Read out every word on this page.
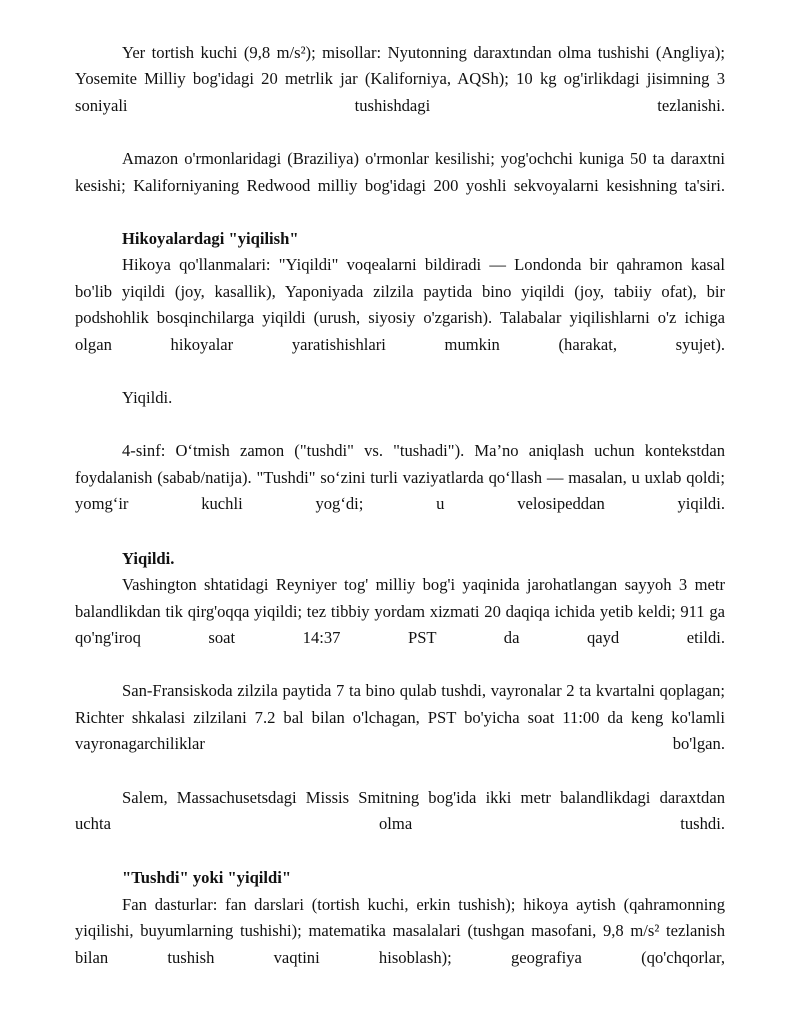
Yer tortish kuchi (9,8 m/s²); misollar: Nyutonning daraxtından olma tushishi (Angliya); Yosemite Milliy bog'idagi 20 metrlik jar (Kaliforniya, AQSh); 10 kg og'irlikdagi jisimning 3 soniyali tushishdagi tezlanishi.

Amazon o'rmonlaridagi (Braziliya) o'rmonlar kesilishi; yog'ochchi kuniga 50 ta daraxtni kesishi; Kaliforniyaning Redwood milliy bog'idagi 200 yoshli sekvoyalarni kesishning ta'siri.

Hikoyalardagi "yiqilish"

Hikoya qo'llanmalari: "Yiqildi" voqealarni bildiradi — Londonda bir qahramon kasal bo'lib yiqildi (joy, kasallik), Yaponiyada zilzila paytida bino yiqildi (joy, tabiiy ofat), bir podshohlik bosqinchilarga yiqildi (urush, siyosiy o'zgarish). Talabalar yiqilishlarni o'z ichiga olgan hikoyalar yaratishishlari mumkin (harakat, syujet).

Yiqildi.

4-sinf: O‘tmish zamon ("tushdi" vs. "tushadi"). Ma’no aniqlash uchun kontekstdan foydalanish (sabab/natija). "Tushdi" so‘zini turli vaziyatlarda qo‘llash — masalan, u uxlab qoldi; yomg‘ir kuchli yog‘di; u velosipeddan yiqildi.

Yiqildi.

Vashington shtatidagi Reyniyer tog' milliy bog'i yaqinida jarohatlangan sayyoh 3 metr balandlikdan tik qirg'oqqa yiqildi; tez tibbiy yordam xizmati 20 daqiqa ichida yetib keldi; 911 ga qo'ng'iroq soat 14:37 PST da qayd etildi.

San-Fransiskoda zilzila paytida 7 ta bino qulab tushdi, vayronalar 2 ta kvartalni qoplagan; Richter shkalasi zilzilani 7.2 bal bilan o'lchagan, PST bo'yicha soat 11:00 da keng ko'lamli vayronagarchiliklar bo'lgan.

Salem, Massachusetsdagi Missis Smitning bog'ida ikki metr balandlikdagi daraxtdan uchta olma tushdi.

"Tushdi" yoki "yiqildi"

Fan dasturlar: fan darslari (tortish kuchi, erkin tushish); hikoya aytish (qahramonning yiqilishi, buyumlarning tushishi); matematika masalalari (tushgan masofani, 9,8 m/s² tezlanish bilan tushish vaqtini hisoblash); geografiya (qo'chqorlar,
